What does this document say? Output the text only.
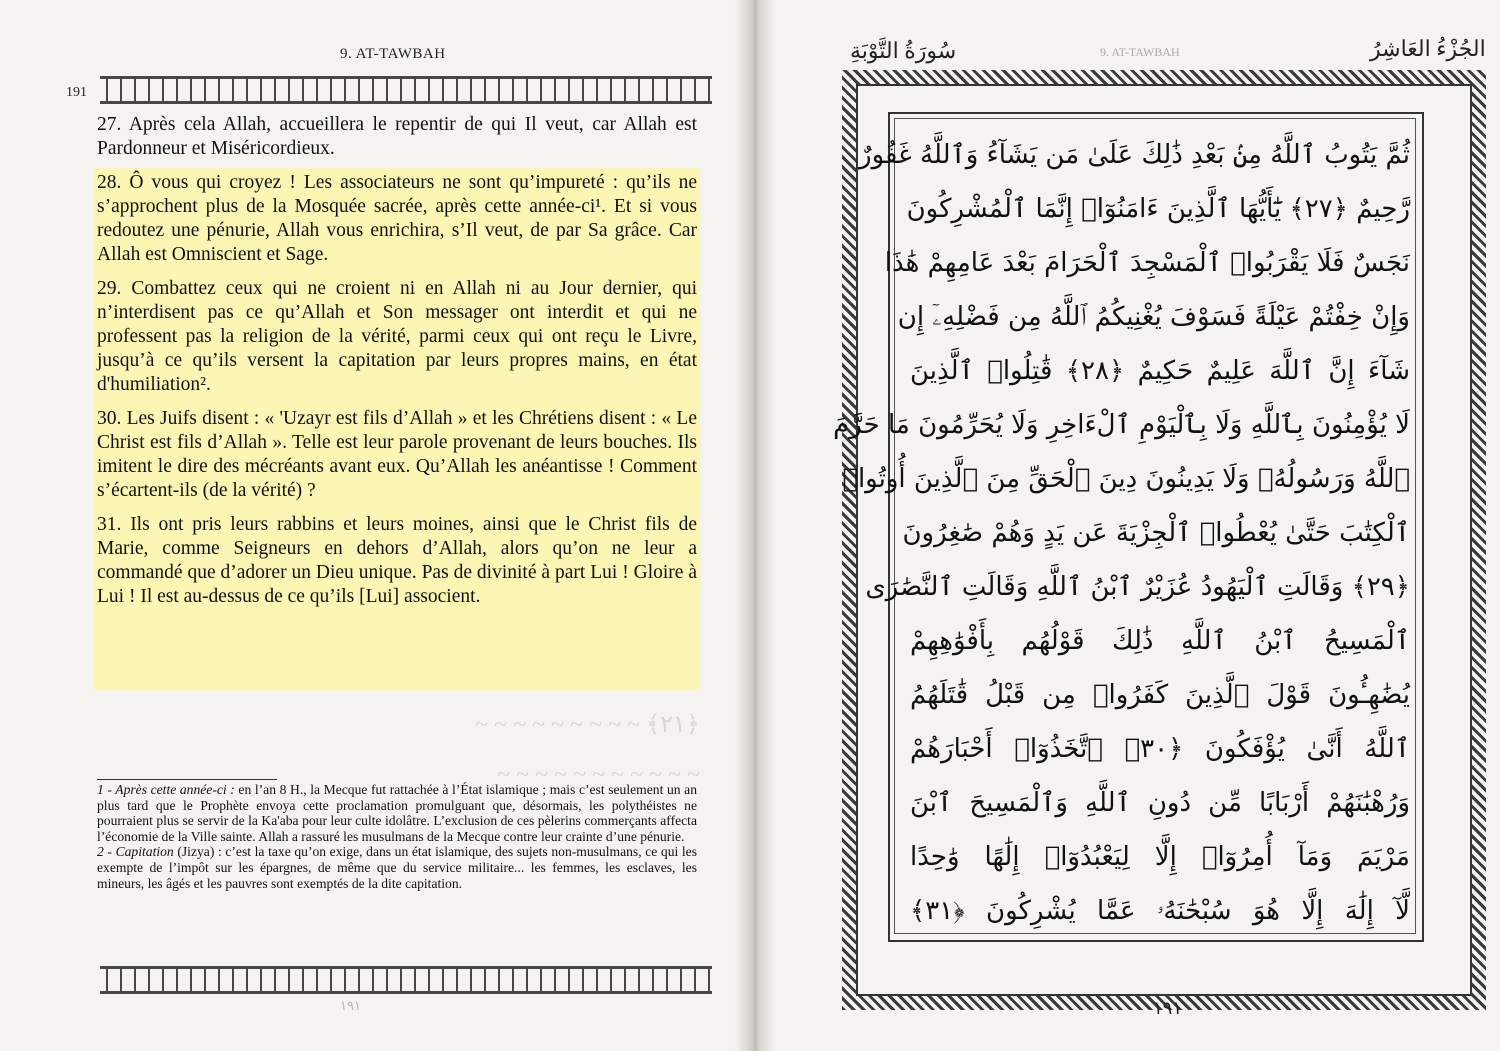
9. AT-TAWBAH
191

27. Après cela Allah, accueillera le repentir de qui Il veut, car Allah est Pardonneur et Miséricordieux.

28. Ô vous qui croyez ! Les associateurs ne sont qu’impureté : qu’ils ne s’approchent plus de la Mosquée sacrée, après cette année-ci¹. Et si vous redoutez une pénurie, Allah vous enrichira, s’Il veut, de par Sa grâce. Car Allah est Omniscient et Sage.

29. Combattez ceux qui ne croient ni en Allah ni au Jour dernier, qui n’interdisent pas ce qu’Allah et Son messager ont interdit et qui ne professent pas la religion de la vérité, parmi ceux qui ont reçu le Livre, jusqu’à ce qu’ils versent la capitation par leurs propres mains, en état d'humiliation².

30. Les Juifs disent : « 'Uzayr est fils d’Allah » et les Chrétiens disent : « Le Christ est fils d’Allah ». Telle est leur parole provenant de leurs bouches. Ils imitent le dire des mécréants avant eux. Qu’Allah les anéantisse ! Comment s’écartent-ils (de la vérité) ?

31. Ils ont pris leurs rabbins et leurs moines, ainsi que le Christ fils de Marie, comme Seigneurs en dehors d’Allah, alors qu’on ne leur a commandé que d’adorer un Dieu unique. Pas de divinité à part Lui ! Gloire à Lui ! Il est au-dessus de ce qu’ils [Lui] associent.

﴿٢١﴾ ~ ~ ~ ~ ~ ~ ~ ~ ~
~ ~ ~ ~ ~ ~ ~ ~ ~ ~ ~
1 - Après cette année-ci : en l’an 8 H., la Mecque fut rattachée à l’État islamique ; mais c’est seulement un an plus tard que le Prophète envoya cette proclamation promulguant que, désormais, les polythéistes ne pourraient plus se servir de la Ka'aba pour leur culte idolâtre. L’exclusion de ces pèlerins commerçants affecta l’économie de la Ville sainte. Allah a rassuré les musulmans de la Mecque contre leur crainte d’une pénurie.
2 - Capitation (Jizya) : c’est la taxe qu’on exige, dans un état islamique, des sujets non-musulmans, ce qui les exempte de l’impôt sur les épargnes, de même que du service militaire... les femmes, les esclaves, les mineurs, les âgés et les pauvres sont exemptés de la dite capitation.
١٩١
9. AT-TAWBAH
سُورَةُ التَّوْبَةِ	الجُزْءُ العَاشِرُ
ثُمَّ يَتُوبُ ٱللَّهُ مِنۢ بَعْدِ ذَٰلِكَ عَلَىٰ مَن يَشَآءُ وَٱللَّهُ غَفُورٌ
رَّحِيمٌ ﴿٢٧﴾ يَٰٓأَيُّهَا ٱلَّذِينَ ءَامَنُوٓا۟ إِنَّمَا ٱلْمُشْرِكُونَ
نَجَسٌ فَلَا يَقْرَبُوا۟ ٱلْمَسْجِدَ ٱلْحَرَامَ بَعْدَ عَامِهِمْ هَٰذَا
وَإِنْ خِفْتُمْ عَيْلَةً فَسَوْفَ يُغْنِيكُمُ ٱللَّهُ مِن فَضْلِهِۦٓ إِن
شَآءَ إِنَّ ٱللَّهَ عَلِيمٌ حَكِيمٌ ﴿٢٨﴾ قَٰتِلُوا۟ ٱلَّذِينَ
لَا يُؤْمِنُونَ بِٱللَّهِ وَلَا بِٱلْيَوْمِ ٱلْءَاخِرِ وَلَا يُحَرِّمُونَ مَا حَرَّمَ
ٱللَّهُ وَرَسُولُهُۥ وَلَا يَدِينُونَ دِينَ ٱلْحَقِّ مِنَ ٱلَّذِينَ أُوتُوا۟
ٱلْكِتَٰبَ حَتَّىٰ يُعْطُوا۟ ٱلْجِزْيَةَ عَن يَدٍ وَهُمْ صَٰغِرُونَ
﴿٢٩﴾ وَقَالَتِ ٱلْيَهُودُ عُزَيْرٌ ٱبْنُ ٱللَّهِ وَقَالَتِ ٱلنَّصَٰرَى
ٱلْمَسِيحُ ٱبْنُ ٱللَّهِ ذَٰلِكَ قَوْلُهُم بِأَفْوَٰهِهِمْ
يُضَٰهِـُٔونَ قَوْلَ ٱلَّذِينَ كَفَرُوا۟ مِن قَبْلُ قَٰتَلَهُمُ
ٱللَّهُ أَنَّىٰ يُؤْفَكُونَ ﴿٣٠﴾ ٱتَّخَذُوٓا۟ أَحْبَارَهُمْ
وَرُهْبَٰنَهُمْ أَرْبَابًا مِّن دُونِ ٱللَّهِ وَٱلْمَسِيحَ ٱبْنَ
مَرْيَمَ وَمَآ أُمِرُوٓا۟ إِلَّا لِيَعْبُدُوٓا۟ إِلَٰهًا وَٰحِدًا
لَّآ إِلَٰهَ إِلَّا هُوَ سُبْحَٰنَهُۥ عَمَّا يُشْرِكُونَ ﴿٣١﴾
١٩١
